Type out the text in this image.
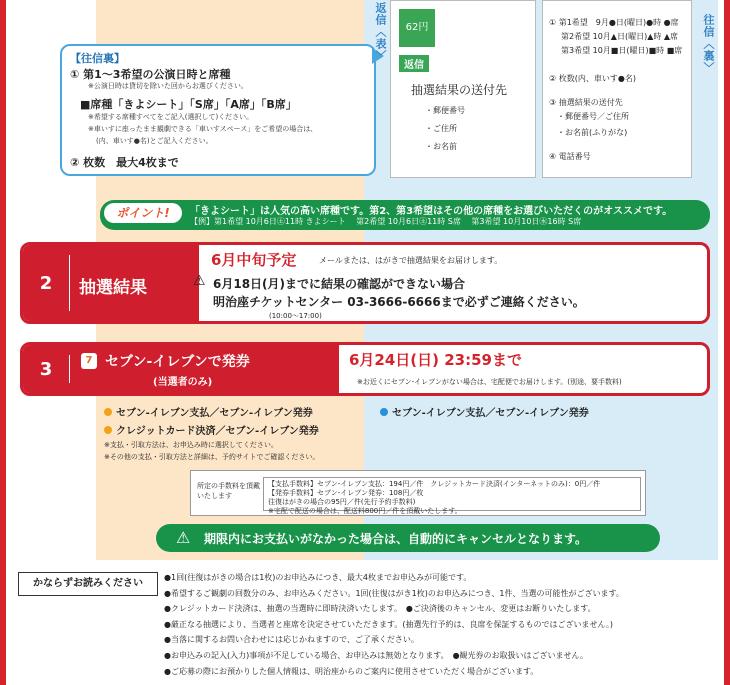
【往信裏】
① 第1～3希望の公演日時と席種
※公演日時は貸切を除いた回からお選びください。
■席種「きよシート」「S席」「A席」「B席」
※希望する席種すべてをご記入(選択して)ください。
※車いすに座ったまま観劇できる「車いすスペース」をご希望の場合は、
(内、車いす●名)とご記入ください。
② 枚数　最大4枚まで
返信〈表〉	62円
返信
抽選結果の送付先
・郵便番号
・ご住所
・お名前
① 第1希望　9月●日(曜日)●時 ●席
第2希望 10月▲日(曜日)▲時 ▲席
第3希望 10月■日(曜日)■時 ■席
② 枚数(内、車いす●名)
③ 抽選結果の送付先
・郵便番号／ご住所
・お名前(ふりがな)
④ 電話番号
往信〈裏〉
「きよシート」は人気の高い席種です。第2、第3希望はその他の席種をお選びいただくのがオススメです。
【例】第1希望 10月6日㊏11時 きよシート　 第2希望 10月6日㊏11時 S席　 第3希望 10月10日㊌16時 S席
ポイント!
2	抽選結果
6月中旬予定	メールまたは、はがきで抽選結果をお届けします。
⚠ 6月18日(月)までに結果の確認ができない場合
明治座チケットセンター 03-3666-6666まで必ずご連絡ください。
(10:00～17:00)
3	7 セブン-イレブンで発券
(当選者のみ)
6月24日(日) 23:59まで
※お近くにセブン-イレブンがない場合は、宅配便でお届けします。(別途、要手数料)
セブン-イレブン支払／セブン-イレブン発券
クレジットカード決済／セブン-イレブン発券
セブン-イレブン支払／セブン-イレブン発券
※支払・引取方法は、お申込み時に選択してください。
※その他の支払・引取方法と詳細は、予約サイトでご確認ください。
所定の手数料を頂戴いたします
【支払手数料】セブン-イレブン支払：194円／件　クレジットカード決済(インターネットのみ)：0円／件
【発券手数料】セブン-イレブン発券：108円／枚
往復はがきの場合の95円／件(先行予約手数料)
※宅配で配送の場合は、配送料800円／件を頂戴いたします。
⚠ 期限内にお支払いがなかった場合は、自動的にキャンセルとなります。
かならずお読みください
●1回(往復はがきの場合は1枚)のお申込みにつき、最大4枚までお申込みが可能です。
●希望するご観劇の回数分のみ、お申込みください。1回(往復はがき1枚)のお申込みにつき、1件、当選の可能性がございます。
●クレジットカード決済は、抽選の当選時に即時決済いたします。　●ご決済後のキャンセル、変更はお断りいたします。
●厳正なる抽選により、当選者と座席を決定させていただきます。(抽選先行予約は、良席を保証するものではございません。)
●当落に関するお問い合わせには応じかねますので、ご了承ください。
●お申込みの記入(入力)事項が不足している場合、お申込みは無効となります。　●観光券のお取扱いはございません。
●ご応募の際にお預かりした個人情報は、明治座からのご案内に使用させていただく場合がございます。
